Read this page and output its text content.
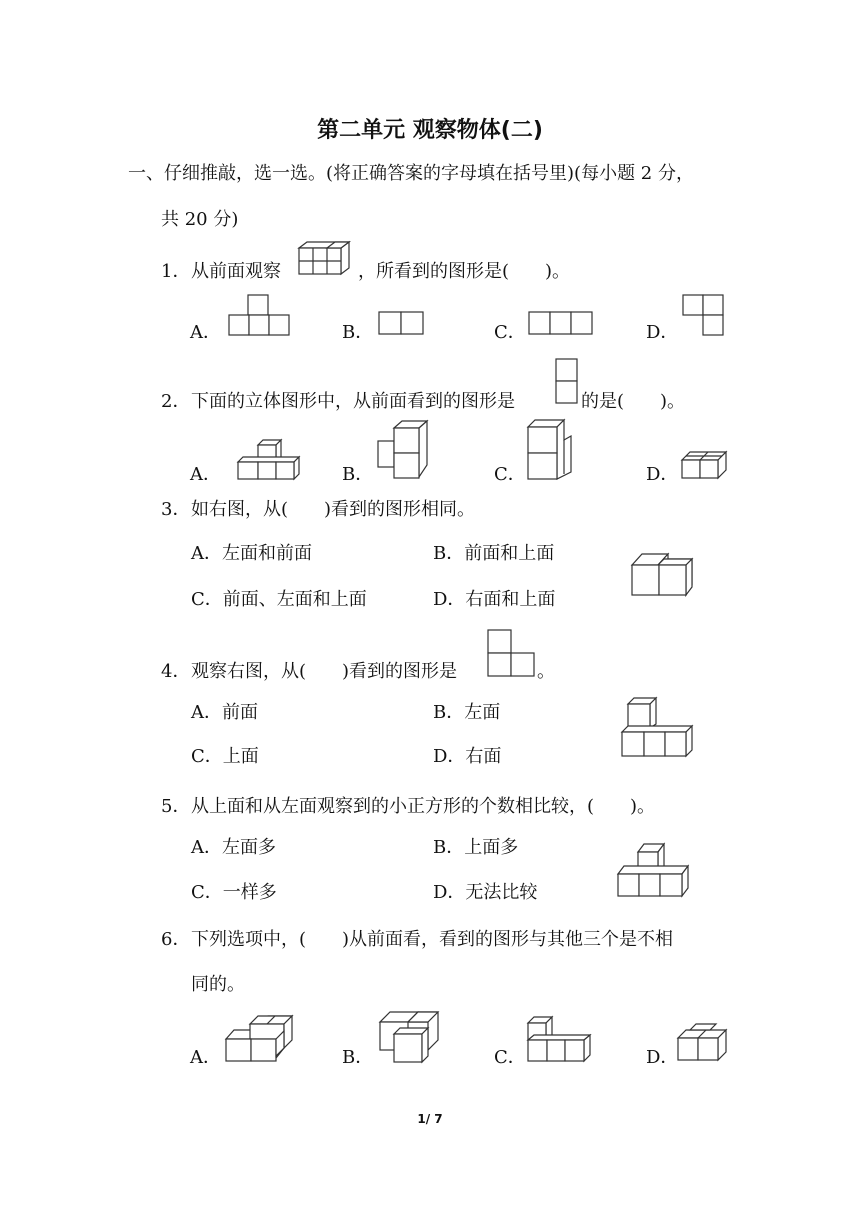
第二单元 观察物体(二)
一、仔细推敲，选一选。(将正确答案的字母填在括号里)(每小题 2 分，
共 20 分)
1． 从前面观察	，所看到的图形是(　　)。
A．	B．	C．	D．
2． 下面的立体图形中，从前面看到的图形是	的是(　　)。
A．	B．	C．	D．
3． 如右图，从(　　)看到的图形相同。
A．左面和前面	B．前面和上面
C．前面、左面和上面	D．右面和上面
4． 观察右图，从(　　)看到的图形是	。
A．前面	B．左面
C．上面	D．右面
5． 从上面和从左面观察到的小正方形的个数相比较，(　　)。
A．左面多	B．上面多
C．一样多	D．无法比较
6． 下列选项中，(　　)从前面看，看到的图形与其他三个是不相
同的。
A．	B．	C．	D．
1/ 7
